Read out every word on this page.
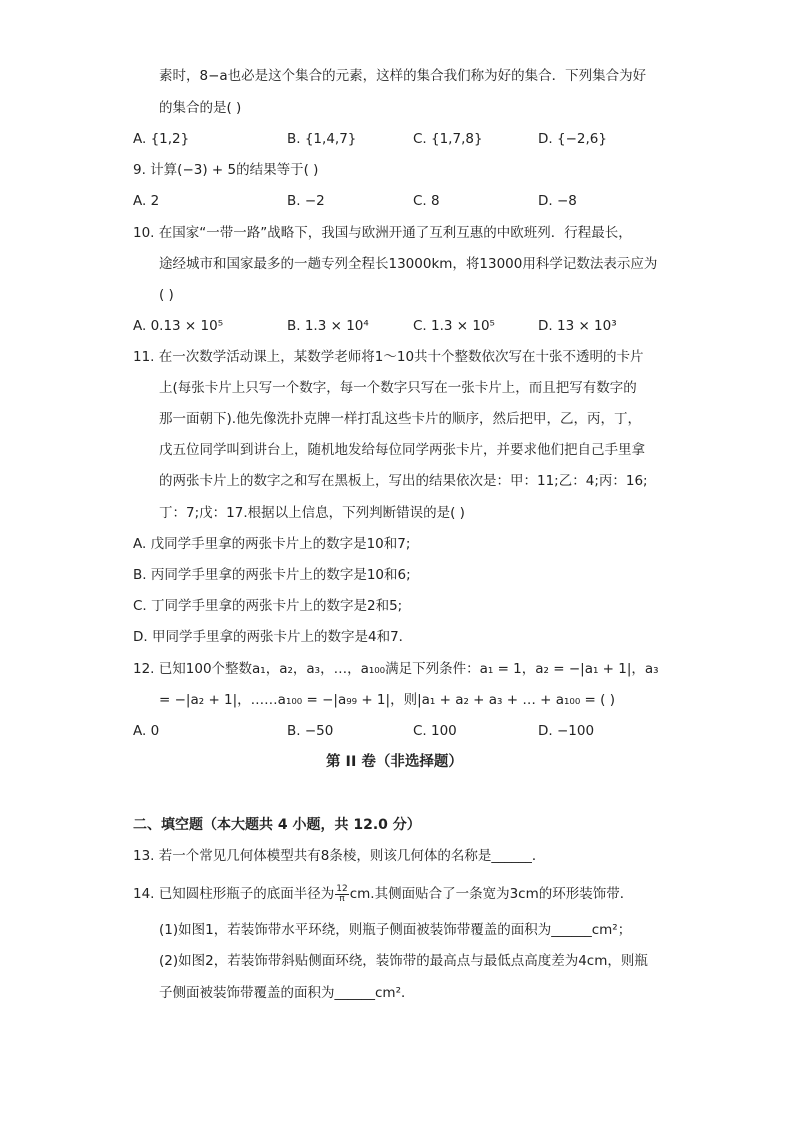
素时，8−a也必是这个集合的元素，这样的集合我们称为好的集合．下列集合为好
的集合的是( )
A. {1,2}	B. {1,4,7}	C. {1,7,8}	D. {−2,6}
9. 计算(−3) + 5的结果等于( )
A. 2	B. −2	C. 8	D. −8
10. 在国家“一带一路”战略下，我国与欧洲开通了互利互惠的中欧班列．行程最长，
途经城市和国家最多的一趟专列全程长13000km，将13000用科学记数法表示应为
( )
A. 0.13 × 10⁵	B. 1.3 × 10⁴	C. 1.3 × 10⁵	D. 13 × 10³
11. 在一次数学活动课上，某数学老师将1～10共十个整数依次写在十张不透明的卡片
上(每张卡片上只写一个数字，每一个数字只写在一张卡片上，而且把写有数字的
那一面朝下).他先像洗扑克牌一样打乱这些卡片的顺序，然后把甲，乙，丙，丁，
戊五位同学叫到讲台上，随机地发给每位同学两张卡片，并要求他们把自己手里拿
的两张卡片上的数字之和写在黑板上，写出的结果依次是：甲：11;乙：4;丙：16;
丁：7;戊：17.根据以上信息，下列判断错误的是( )
A. 戊同学手里拿的两张卡片上的数字是10和7;
B. 丙同学手里拿的两张卡片上的数字是10和6;
C. 丁同学手里拿的两张卡片上的数字是2和5;
D. 甲同学手里拿的两张卡片上的数字是4和7．
12. 已知100个整数a₁，a₂，a₃，…，a₁₀₀满足下列条件：a₁ = 1，a₂ = −|a₁ + 1|，a₃
= −|a₂ + 1|，……a₁₀₀ = −|a₉₉ + 1|，则|a₁ + a₂ + a₃ + … + a₁₀₀ = ( )
A. 0	B. −50	C. 100	D. −100
第 II 卷（非选择题）
二、填空题（本大题共 4 小题，共 12.0 分）
13. 若一个常见几何体模型共有8条棱，则该几何体的名称是______．
14. 已知圆柱形瓶子的底面半径为 $\frac{12}{\pi}$ cm.其侧面贴合了一条宽为3cm的环形装饰带．
(1)如图1，若装饰带水平环绕，则瓶子侧面被装饰带覆盖的面积为______cm²；
(2)如图2，若装饰带斜贴侧面环绕，装饰带的最高点与最低点高度差为4cm，则瓶
子侧面被装饰带覆盖的面积为______cm²．
